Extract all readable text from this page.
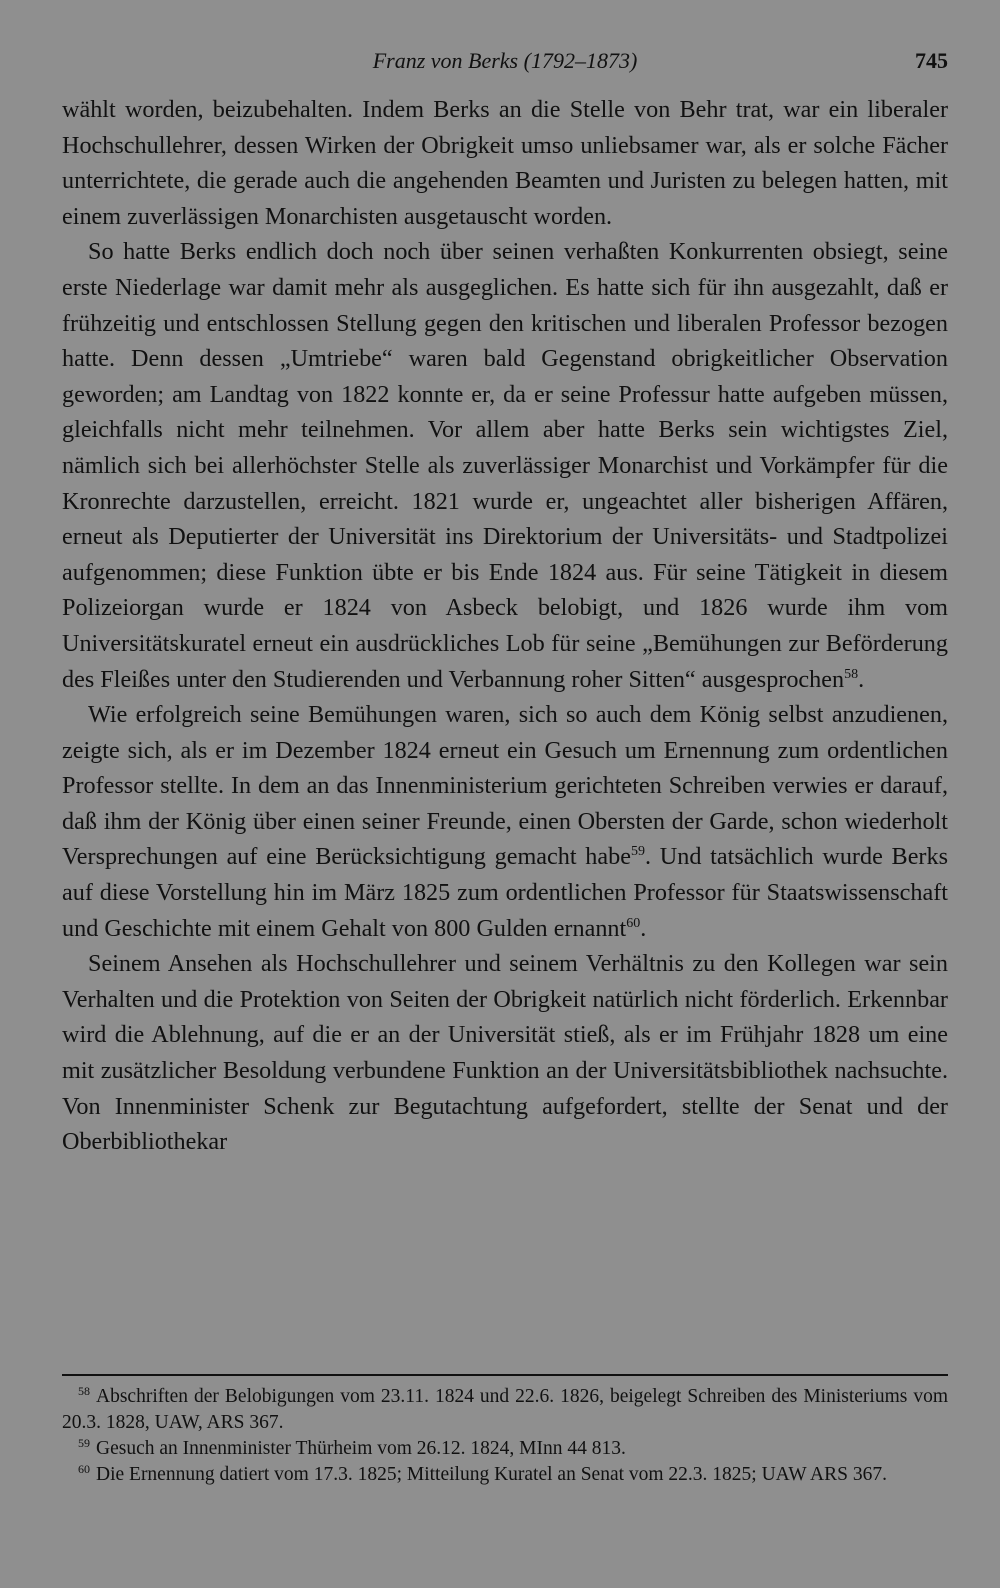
Franz von Berks (1792–1873)	745

wählt worden, beizubehalten. Indem Berks an die Stelle von Behr trat, war ein liberaler Hochschullehrer, dessen Wirken der Obrigkeit umso unliebsamer war, als er solche Fächer unterrichtete, die gerade auch die angehenden Beamten und Juristen zu belegen hatten, mit einem zuverlässigen Monarchisten ausgetauscht worden.

So hatte Berks endlich doch noch über seinen verhaßten Konkurrenten obsiegt, seine erste Niederlage war damit mehr als ausgeglichen. Es hatte sich für ihn ausgezahlt, daß er frühzeitig und entschlossen Stellung gegen den kritischen und liberalen Professor bezogen hatte. Denn dessen „Umtriebe“ waren bald Gegenstand obrigkeitlicher Observation geworden; am Landtag von 1822 konnte er, da er seine Professur hatte aufgeben müssen, gleichfalls nicht mehr teilnehmen. Vor allem aber hatte Berks sein wichtigstes Ziel, nämlich sich bei allerhöchster Stelle als zuverlässiger Monarchist und Vorkämpfer für die Kronrechte darzustellen, erreicht. 1821 wurde er, ungeachtet aller bisherigen Affären, erneut als Deputierter der Universität ins Direktorium der Universitäts- und Stadtpolizei aufgenommen; diese Funktion übte er bis Ende 1824 aus. Für seine Tätigkeit in diesem Polizeiorgan wurde er 1824 von Asbeck belobigt, und 1826 wurde ihm vom Universitätskuratel erneut ein ausdrückliches Lob für seine „Bemühungen zur Beförderung des Fleißes unter den Studierenden und Verbannung roher Sitten“ ausgesprochen$^{58}$.

Wie erfolgreich seine Bemühungen waren, sich so auch dem König selbst anzudienen, zeigte sich, als er im Dezember 1824 erneut ein Gesuch um Ernennung zum ordentlichen Professor stellte. In dem an das Innenministerium gerichteten Schreiben verwies er darauf, daß ihm der König über einen seiner Freunde, einen Obersten der Garde, schon wiederholt Versprechungen auf eine Berücksichtigung gemacht habe$^{59}$. Und tatsächlich wurde Berks auf diese Vorstellung hin im März 1825 zum ordentlichen Professor für Staatswissenschaft und Geschichte mit einem Gehalt von 800 Gulden ernannt$^{60}$.

Seinem Ansehen als Hochschullehrer und seinem Verhältnis zu den Kollegen war sein Verhalten und die Protektion von Seiten der Obrigkeit natürlich nicht förderlich. Erkennbar wird die Ablehnung, auf die er an der Universität stieß, als er im Frühjahr 1828 um eine mit zusätzlicher Besoldung verbundene Funktion an der Universitätsbibliothek nachsuchte. Von Innenminister Schenk zur Begutachtung aufgefordert, stellte der Senat und der Oberbibliothekar

$^{58}$ Abschriften der Belobigungen vom 23.11. 1824 und 22.6. 1826, beigelegt Schreiben des Ministeriums vom 20.3. 1828, UAW, ARS 367.

$^{59}$ Gesuch an Innenminister Thürheim vom 26.12. 1824, MInn 44 813.

$^{60}$ Die Ernennung datiert vom 17.3. 1825; Mitteilung Kuratel an Senat vom 22.3. 1825; UAW ARS 367.
